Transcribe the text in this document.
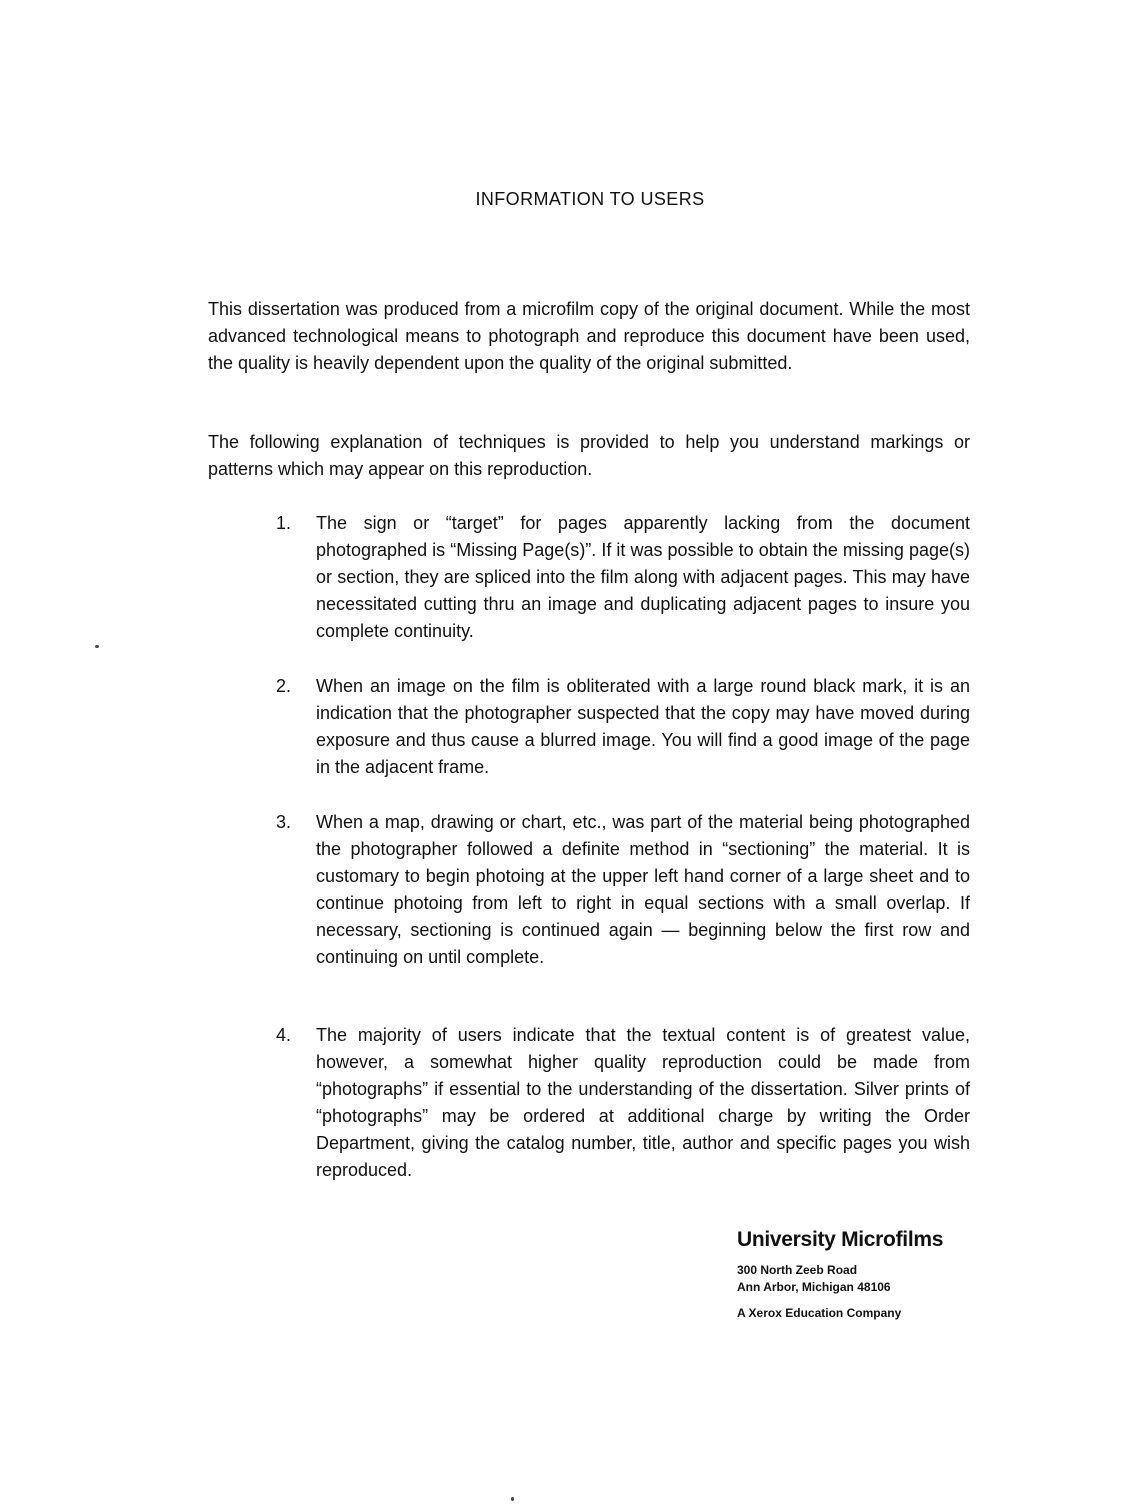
INFORMATION TO USERS

This dissertation was produced from a microfilm copy of the original document. While the most advanced technological means to photograph and reproduce this document have been used, the quality is heavily dependent upon the quality of the original submitted.

The following explanation of techniques is provided to help you understand markings or patterns which may appear on this reproduction.

1.	The sign or “target” for pages apparently lacking from the document photographed is “Missing Page(s)”. If it was possible to obtain the missing page(s) or section, they are spliced into the film along with adjacent pages. This may have necessitated cutting thru an image and duplicating adjacent pages to insure you complete continuity.
2.	When an image on the film is obliterated with a large round black mark, it is an indication that the photographer suspected that the copy may have moved during exposure and thus cause a blurred image. You will find a good image of the page in the adjacent frame.
3.	When a map, drawing or chart, etc., was part of the material being photographed the photographer followed a definite method in “sectioning” the material. It is customary to begin photoing at the upper left hand corner of a large sheet and to continue photoing from left to right in equal sections with a small overlap. If necessary, sectioning is continued again — beginning below the first row and continuing on until complete.
4.	The majority of users indicate that the textual content is of greatest value, however, a somewhat higher quality reproduction could be made from “photographs” if essential to the understanding of the dissertation. Silver prints of “photographs” may be ordered at additional charge by writing the Order Department, giving the catalog number, title, author and specific pages you wish reproduced.
University Microfilms
300 North Zeeb Road
Ann Arbor, Michigan 48106
A Xerox Education Company
